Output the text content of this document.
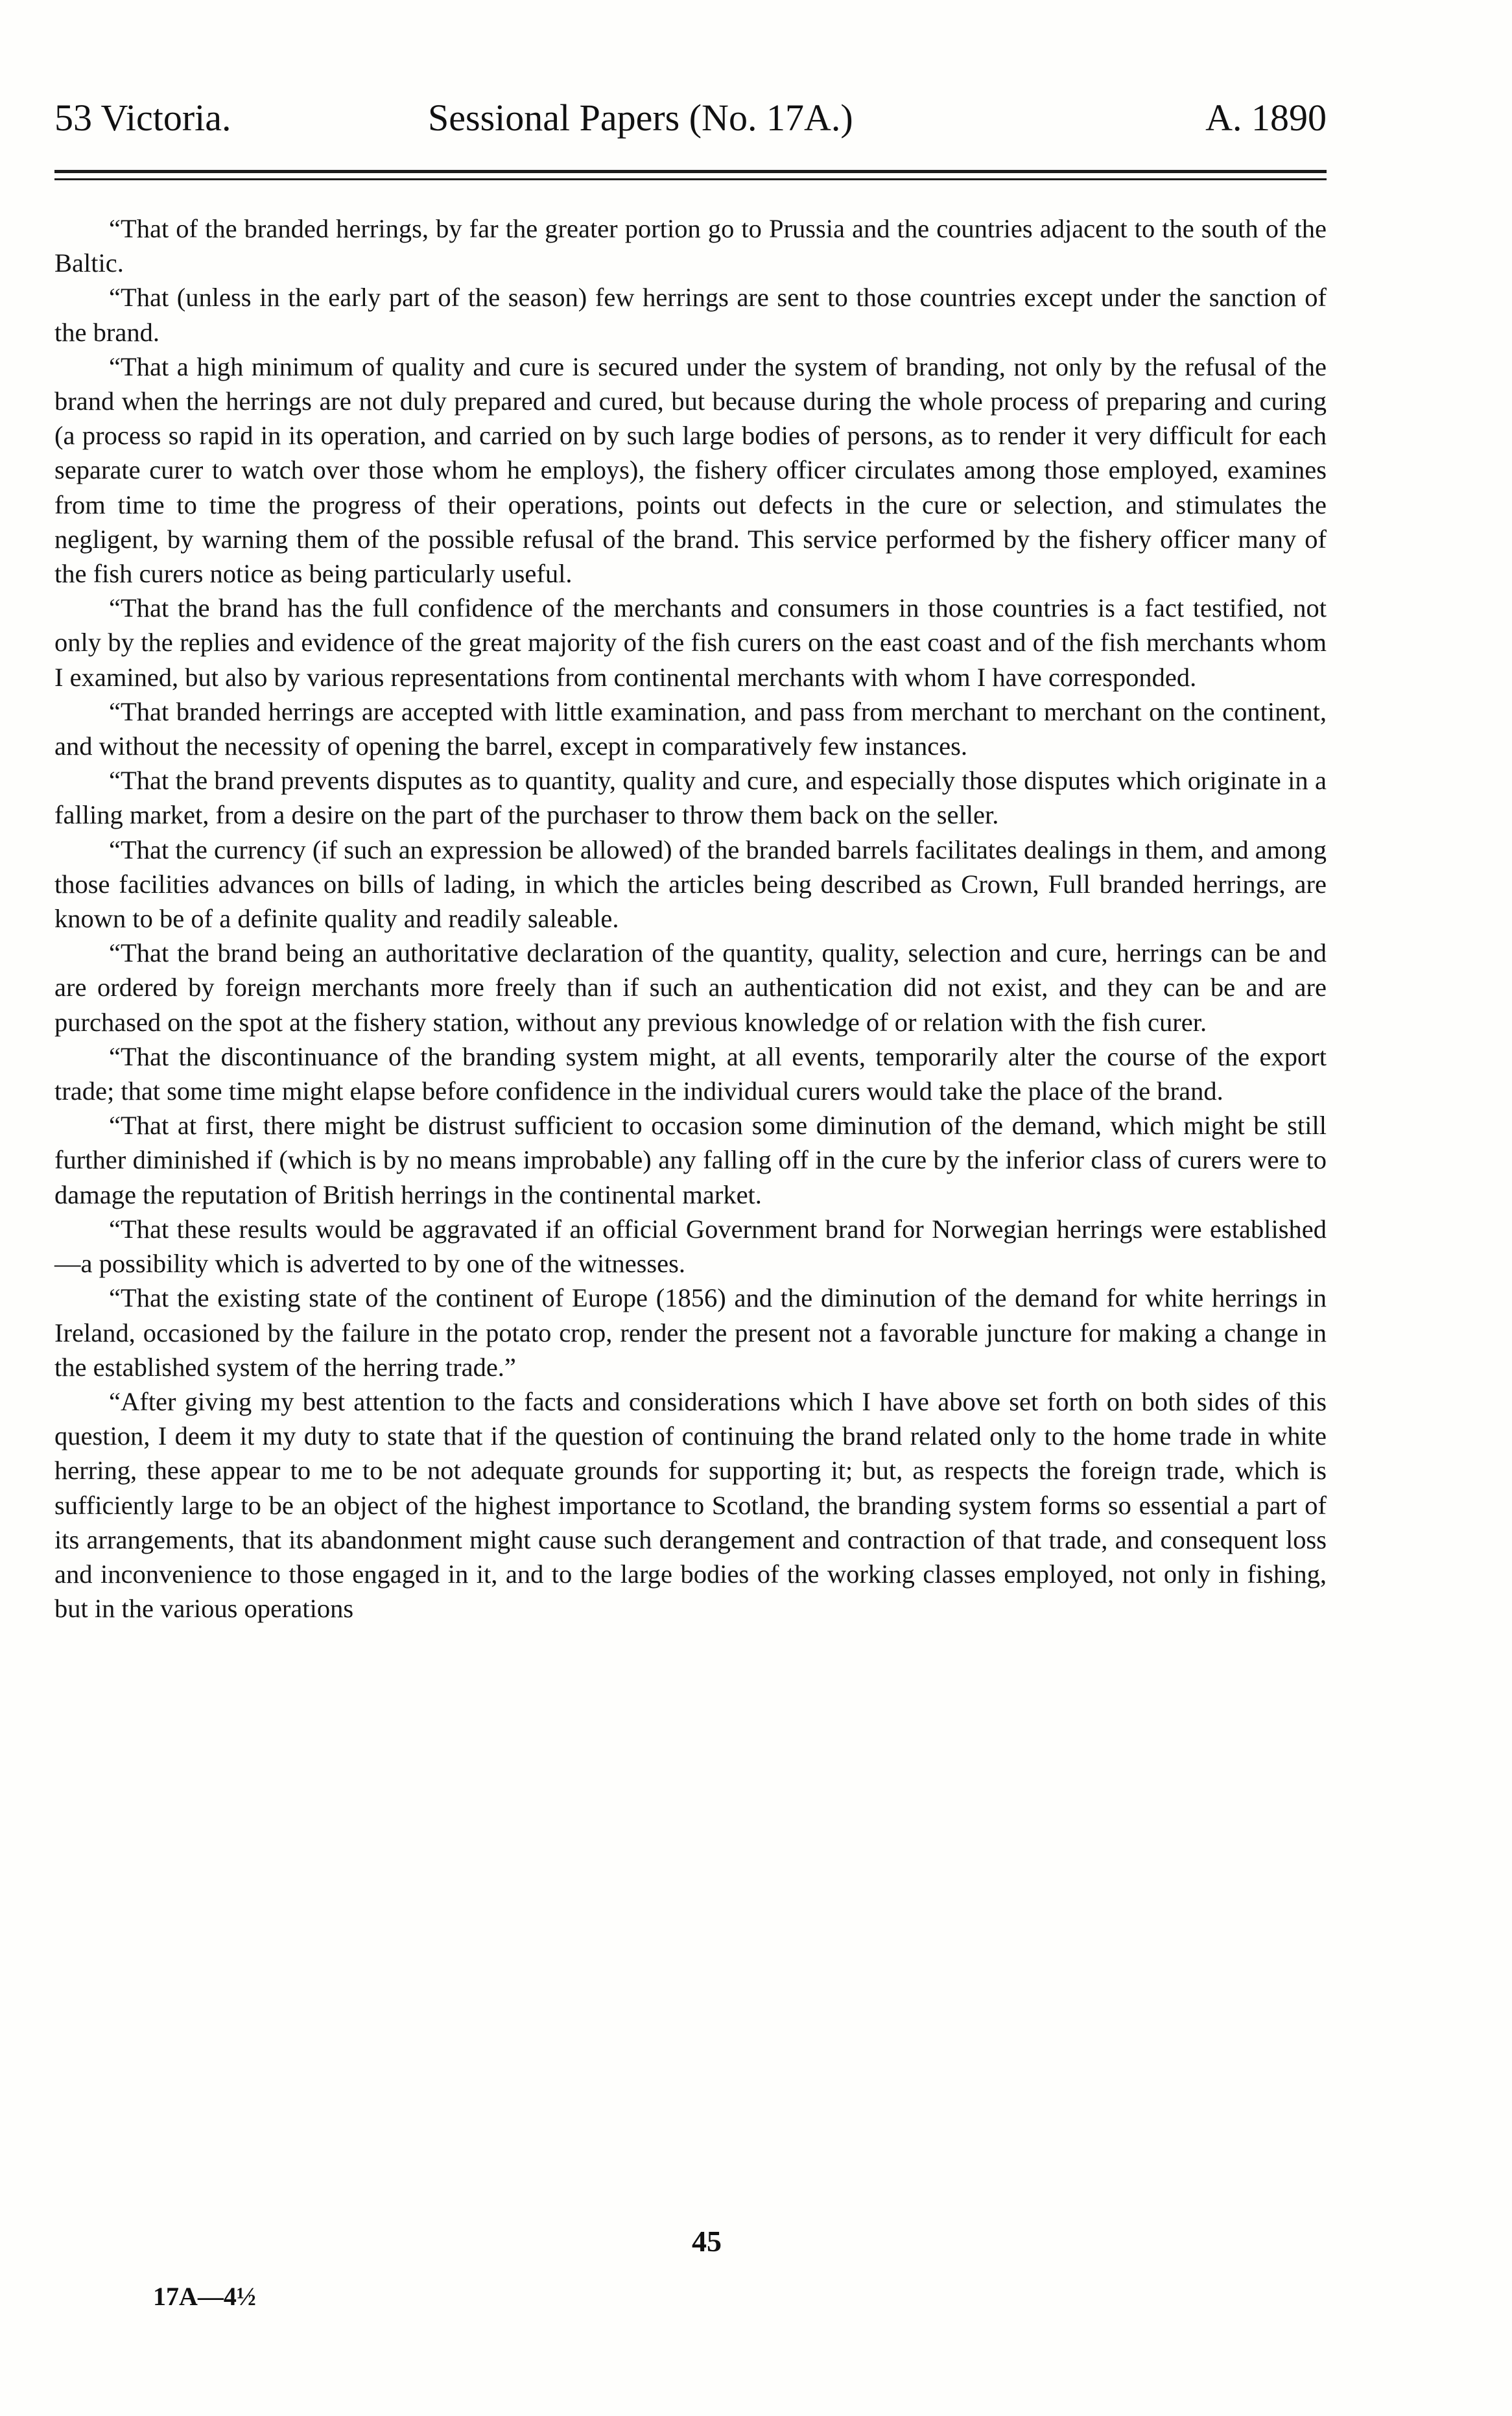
53 Victoria.	Sessional Papers (No. 17A.)	A. 1890

“That of the branded herrings, by far the greater portion go to Prussia and the countries adjacent to the south of the Baltic.

“That (unless in the early part of the season) few herrings are sent to those countries except under the sanction of the brand.

“That a high minimum of quality and cure is secured under the system of branding, not only by the refusal of the brand when the herrings are not duly prepared and cured, but because during the whole process of preparing and curing (a process so rapid in its operation, and carried on by such large bodies of persons, as to render it very difficult for each separate curer to watch over those whom he employs), the fishery officer circulates among those employed, examines from time to time the progress of their operations, points out defects in the cure or selection, and stimulates the negligent, by warning them of the possible refusal of the brand. This service performed by the fishery officer many of the fish curers notice as being particularly useful.

“That the brand has the full confidence of the merchants and consumers in those countries is a fact testified, not only by the replies and evidence of the great majority of the fish curers on the east coast and of the fish merchants whom I examined, but also by various representations from continental merchants with whom I have corresponded.

“That branded herrings are accepted with little examination, and pass from merchant to merchant on the continent, and without the necessity of opening the barrel, except in comparatively few instances.

“That the brand prevents disputes as to quantity, quality and cure, and especially those disputes which originate in a falling market, from a desire on the part of the purchaser to throw them back on the seller.

“That the currency (if such an expression be allowed) of the branded barrels facilitates dealings in them, and among those facilities advances on bills of lading, in which the articles being described as Crown, Full branded herrings, are known to be of a definite quality and readily saleable.

“That the brand being an authoritative declaration of the quantity, quality, selection and cure, herrings can be and are ordered by foreign merchants more freely than if such an authentication did not exist, and they can be and are purchased on the spot at the fishery station, without any previous knowledge of or relation with the fish curer.

“That the discontinuance of the branding system might, at all events, temporarily alter the course of the export trade; that some time might elapse before confidence in the individual curers would take the place of the brand.

“That at first, there might be distrust sufficient to occasion some diminution of the demand, which might be still further diminished if (which is by no means improbable) any falling off in the cure by the inferior class of curers were to damage the reputation of British herrings in the continental market.

“That these results would be aggravated if an official Government brand for Norwegian herrings were established—a possibility which is adverted to by one of the witnesses.

“That the existing state of the continent of Europe (1856) and the diminution of the demand for white herrings in Ireland, occasioned by the failure in the potato crop, render the present not a favorable juncture for making a change in the established system of the herring trade.”

“After giving my best attention to the facts and considerations which I have above set forth on both sides of this question, I deem it my duty to state that if the question of continuing the brand related only to the home trade in white herring, these appear to me to be not adequate grounds for supporting it; but, as respects the foreign trade, which is sufficiently large to be an object of the highest importance to Scotland, the branding system forms so essential a part of its arrangements, that its abandonment might cause such derangement and contraction of that trade, and consequent loss and inconvenience to those engaged in it, and to the large bodies of the working classes employed, not only in fishing, but in the various operations

45
17A—4½
